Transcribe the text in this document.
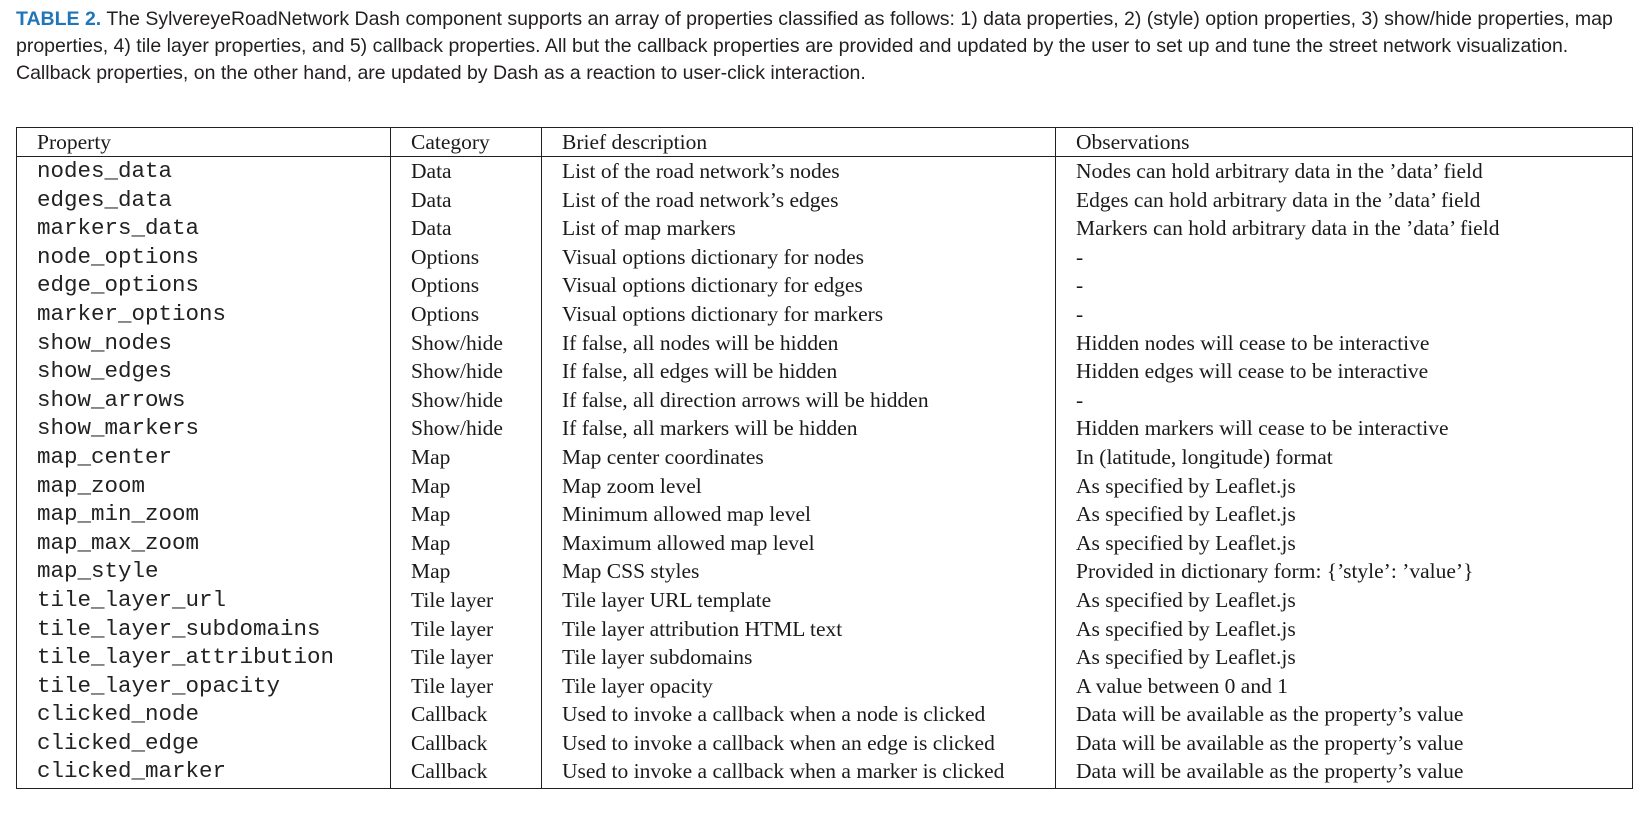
TABLE 2. The SylvereyeRoadNetwork Dash component supports an array of properties classified as follows: 1) data properties, 2) (style) option properties, 3) show/hide properties, map properties, 4) tile layer properties, and 5) callback properties. All but the callback properties are provided and updated by the user to set up and tune the street network visualization. Callback properties, on the other hand, are updated by Dash as a reaction to user-click interaction.
Property	Category	Brief description	Observations
nodes_data	Data	List of the road network’s nodes	Nodes can hold arbitrary data in the ’data’ field
edges_data	Data	List of the road network’s edges	Edges can hold arbitrary data in the ’data’ field
markers_data	Data	List of map markers	Markers can hold arbitrary data in the ’data’ field
node_options	Options	Visual options dictionary for nodes	-
edge_options	Options	Visual options dictionary for edges	-
marker_options	Options	Visual options dictionary for markers	-
show_nodes	Show/hide	If false, all nodes will be hidden	Hidden nodes will cease to be interactive
show_edges	Show/hide	If false, all edges will be hidden	Hidden edges will cease to be interactive
show_arrows	Show/hide	If false, all direction arrows will be hidden	-
show_markers	Show/hide	If false, all markers will be hidden	Hidden markers will cease to be interactive
map_center	Map	Map center coordinates	In (latitude, longitude) format
map_zoom	Map	Map zoom level	As specified by Leaflet.js
map_min_zoom	Map	Minimum allowed map level	As specified by Leaflet.js
map_max_zoom	Map	Maximum allowed map level	As specified by Leaflet.js
map_style	Map	Map CSS styles	Provided in dictionary form: {’style’: ’value’}
tile_layer_url	Tile layer	Tile layer URL template	As specified by Leaflet.js
tile_layer_subdomains	Tile layer	Tile layer attribution HTML text	As specified by Leaflet.js
tile_layer_attribution	Tile layer	Tile layer subdomains	As specified by Leaflet.js
tile_layer_opacity	Tile layer	Tile layer opacity	A value between 0 and 1
clicked_node	Callback	Used to invoke a callback when a node is clicked	Data will be available as the property’s value
clicked_edge	Callback	Used to invoke a callback when an edge is clicked	Data will be available as the property’s value
clicked_marker	Callback	Used to invoke a callback when a marker is clicked	Data will be available as the property’s value
